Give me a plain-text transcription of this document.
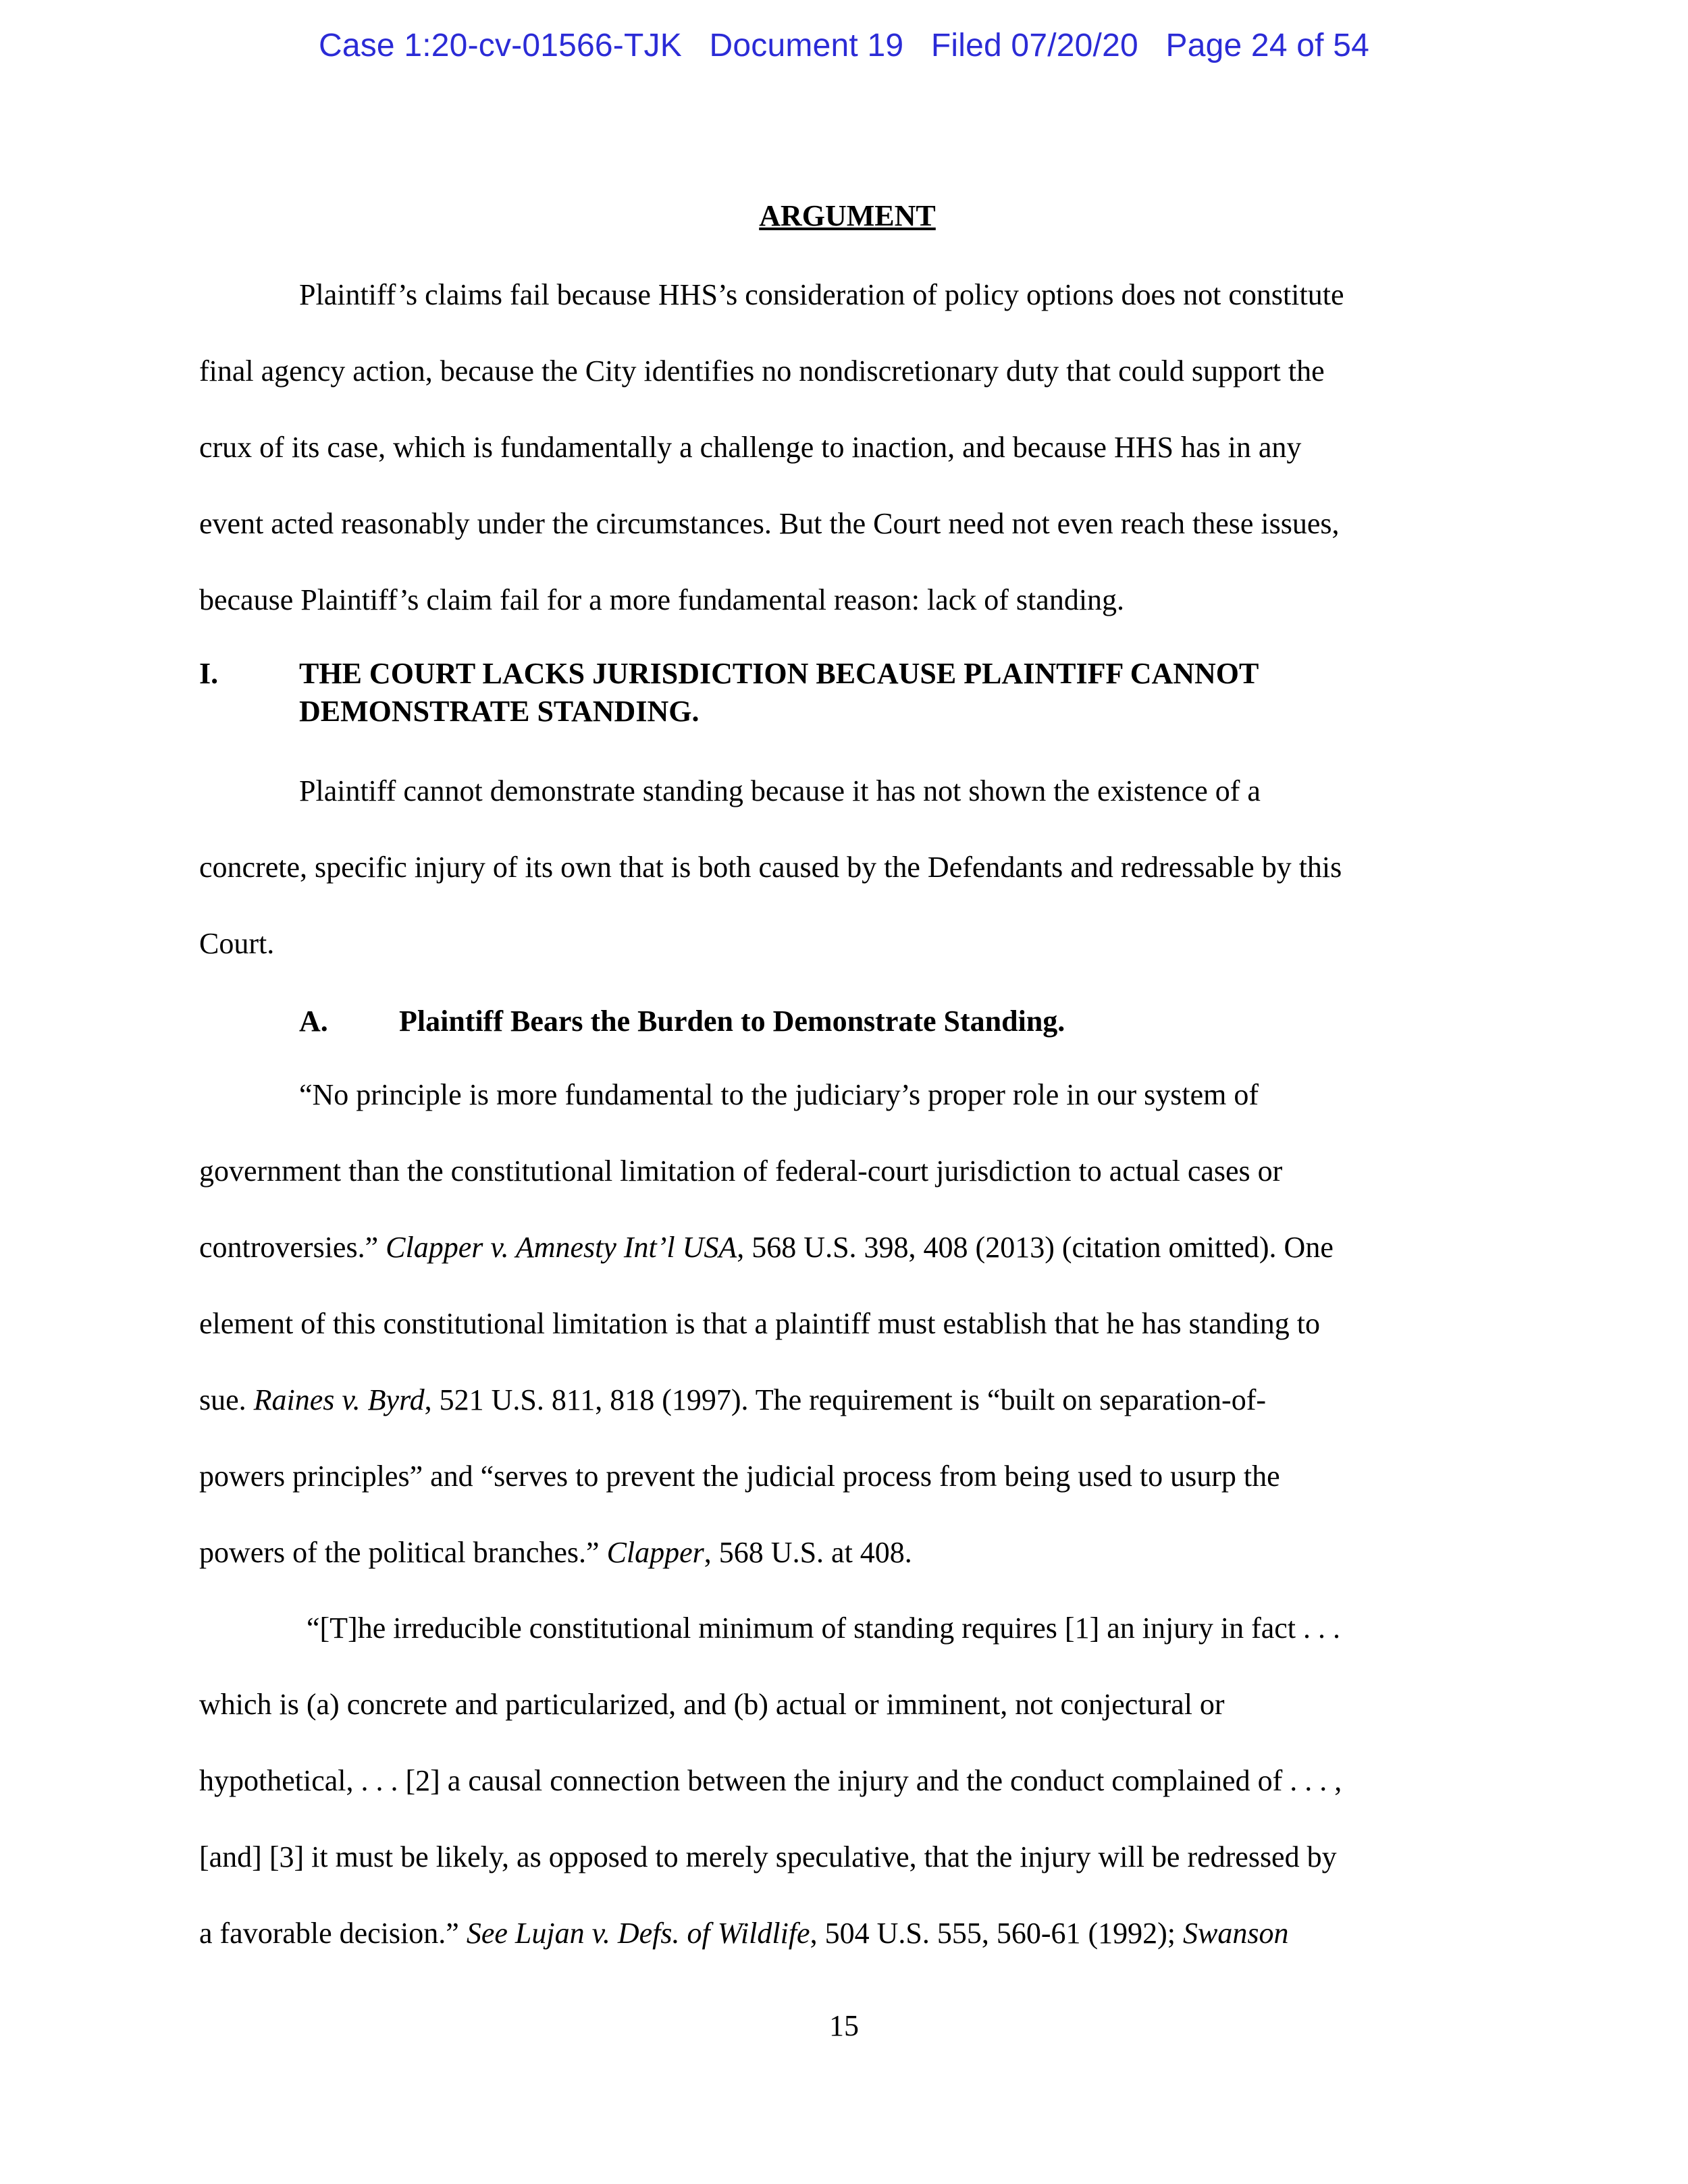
Case 1:20-cv-01566-TJK Document 19 Filed 07/20/20 Page 24 of 54
ARGUMENT
Plaintiff’s claims fail because HHS’s consideration of policy options does not constitute
final agency action, because the City identifies no nondiscretionary duty that could support the
crux of its case, which is fundamentally a challenge to inaction, and because HHS has in any
event acted reasonably under the circumstances. But the Court need not even reach these issues,
because Plaintiff’s claim fail for a more fundamental reason: lack of standing.
I.	THE COURT LACKS JURISDICTION BECAUSE PLAINTIFF CANNOT
DEMONSTRATE STANDING.
Plaintiff cannot demonstrate standing because it has not shown the existence of a
concrete, specific injury of its own that is both caused by the Defendants and redressable by this
Court.
A. Plaintiff Bears the Burden to Demonstrate Standing.
“No principle is more fundamental to the judiciary’s proper role in our system of
government than the constitutional limitation of federal-court jurisdiction to actual cases or
controversies.” Clapper v. Amnesty Int’l USA, 568 U.S. 398, 408 (2013) (citation omitted). One
element of this constitutional limitation is that a plaintiff must establish that he has standing to
sue. Raines v. Byrd, 521 U.S. 811, 818 (1997). The requirement is “built on separation-of-
powers principles” and “serves to prevent the judicial process from being used to usurp the
powers of the political branches.” Clapper, 568 U.S. at 408.
“[T]he irreducible constitutional minimum of standing requires [1] an injury in fact . . .
which is (a) concrete and particularized, and (b) actual or imminent, not conjectural or
hypothetical, . . . [2] a causal connection between the injury and the conduct complained of . . . ,
[and] [3] it must be likely, as opposed to merely speculative, that the injury will be redressed by
a favorable decision.” See Lujan v. Defs. of Wildlife, 504 U.S. 555, 560-61 (1992); Swanson
15
